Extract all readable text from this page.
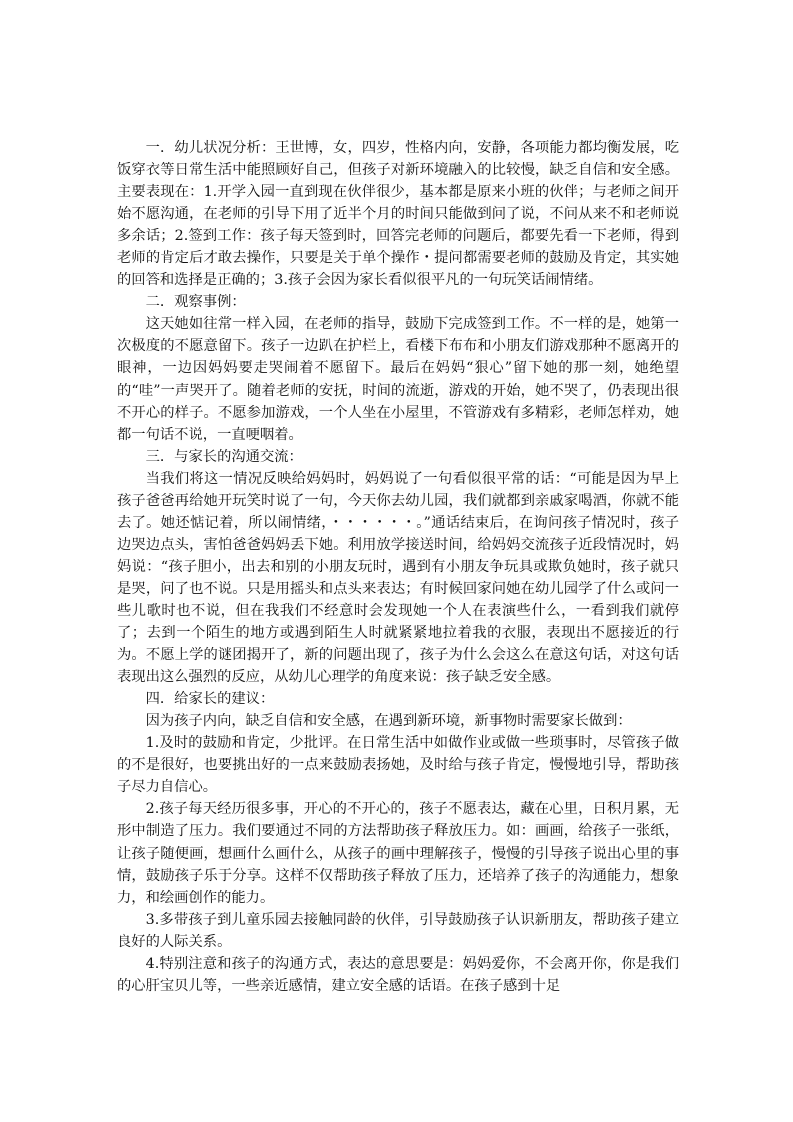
一．幼儿状况分析：王世博，女，四岁，性格内向，安静，各项能力都均衡发展，吃饭穿衣等日常生活中能照顾好自己，但孩子对新环境融入的比较慢，缺乏自信和安全感。主要表现在：1.开学入园一直到现在伙伴很少，基本都是原来小班的伙伴；与老师之间开始不愿沟通，在老师的引导下用了近半个月的时间只能做到问了说，不问从来不和老师说多余话；2.签到工作：孩子每天签到时，回答完老师的问题后，都要先看一下老师，得到老师的肯定后才敢去操作，只要是关于单个操作・提问都需要老师的鼓励及肯定，其实她的回答和选择是正确的；3.孩子会因为家长看似很平凡的一句玩笑话闹情绪。

二．观察事例：

这天她如往常一样入园，在老师的指导，鼓励下完成签到工作。不一样的是，她第一次极度的不愿意留下。孩子一边趴在护栏上，看楼下布布和小朋友们游戏那种不愿离开的眼神，一边因妈妈要走哭闹着不愿留下。最后在妈妈“狠心”留下她的那一刻，她绝望的“哇”一声哭开了。随着老师的安抚，时间的流逝，游戏的开始，她不哭了，仍表现出很不开心的样子。不愿参加游戏，一个人坐在小屋里，不管游戏有多精彩，老师怎样劝，她都一句话不说，一直哽咽着。

三．与家长的沟通交流：

当我们将这一情况反映给妈妈时，妈妈说了一句看似很平常的话：“可能是因为早上孩子爸爸再给她开玩笑时说了一句，今天你去幼儿园，我们就都到亲戚家喝酒，你就不能去了。她还惦记着，所以闹情绪，・・・・・・。”通话结束后，在询问孩子情况时，孩子边哭边点头，害怕爸爸妈妈丢下她。利用放学接送时间，给妈妈交流孩子近段情况时，妈妈说：“孩子胆小，出去和别的小朋友玩时，遇到有小朋友争玩具或欺负她时，孩子就只是哭，问了也不说。只是用摇头和点头来表达；有时候回家问她在幼儿园学了什么或问一些儿歌时也不说，但在我我们不经意时会发现她一个人在表演些什么，一看到我们就停了；去到一个陌生的地方或遇到陌生人时就紧紧地拉着我的衣服，表现出不愿接近的行为。不愿上学的谜团揭开了，新的问题出现了，孩子为什么会这么在意这句话，对这句话表现出这么强烈的反应，从幼儿心理学的角度来说：孩子缺乏安全感。

四．给家长的建议：

因为孩子内向，缺乏自信和安全感，在遇到新环境，新事物时需要家长做到：

1.及时的鼓励和肯定，少批评。在日常生活中如做作业或做一些琐事时，尽管孩子做的不是很好，也要挑出好的一点来鼓励表扬她，及时给与孩子肯定，慢慢地引导，帮助孩子尽力自信心。

2.孩子每天经历很多事，开心的不开心的，孩子不愿表达，藏在心里，日积月累，无形中制造了压力。我们要通过不同的方法帮助孩子释放压力。如：画画，给孩子一张纸，让孩子随便画，想画什么画什么，从孩子的画中理解孩子，慢慢的引导孩子说出心里的事情，鼓励孩子乐于分享。这样不仅帮助孩子释放了压力，还培养了孩子的沟通能力，想象力，和绘画创作的能力。

3.多带孩子到儿童乐园去接触同龄的伙伴，引导鼓励孩子认识新朋友，帮助孩子建立良好的人际关系。

4.特别注意和孩子的沟通方式，表达的意思要是：妈妈爱你，不会离开你，你是我们的心肝宝贝儿等，一些亲近感情，建立安全感的话语。在孩子感到十足
